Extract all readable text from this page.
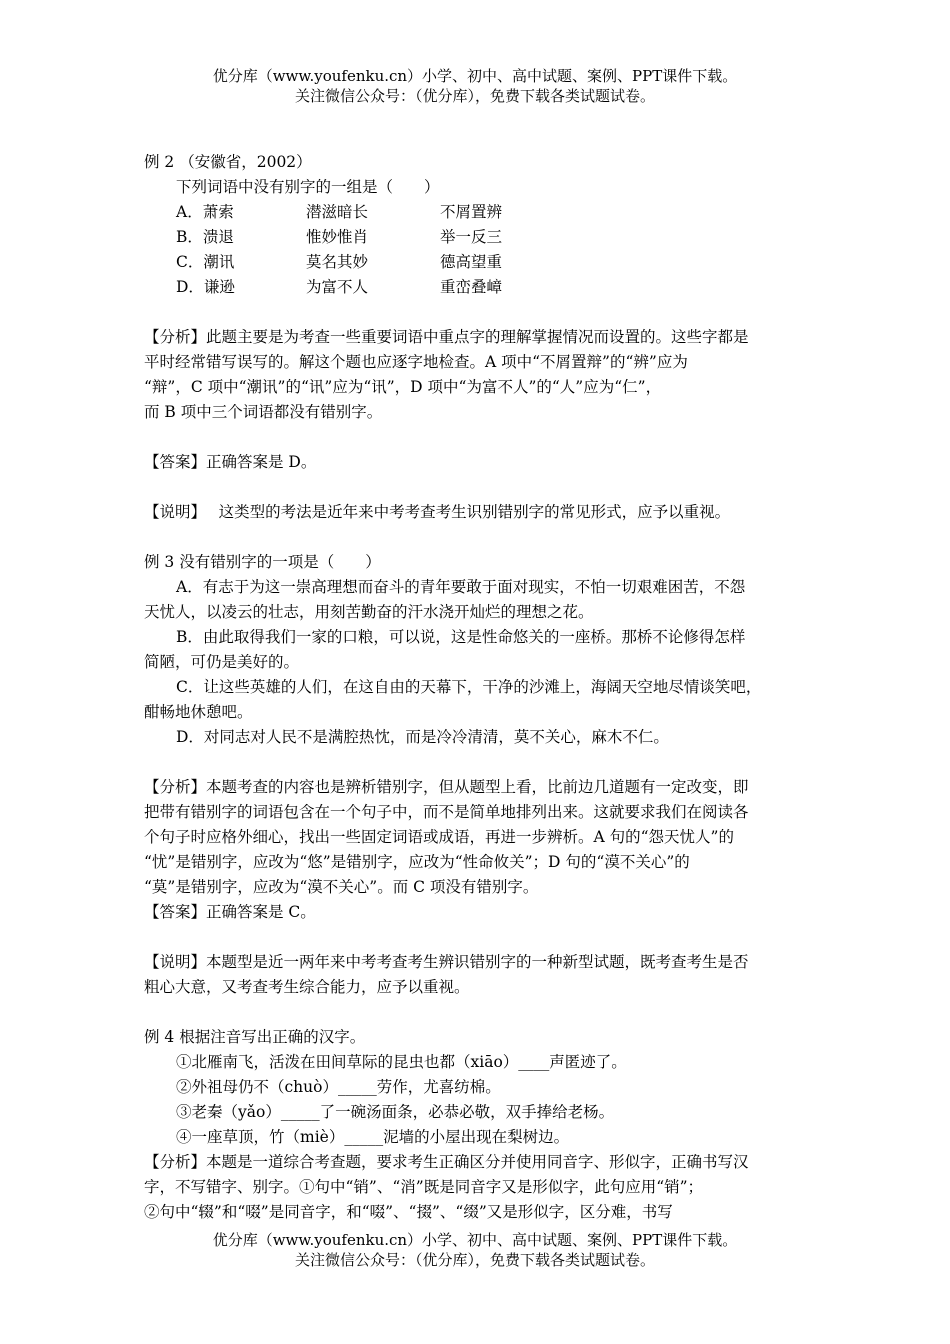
优分库（www.youfenku.cn）小学、初中、高中试题、案例、PPT课件下载。
关注微信公众号：（优分库），免费下载各类试题试卷。
例 2 （安徽省，2002）
下列词语中没有别字的一组是（　　）
A．萧索	潜滋暗长	不屑置辨
B．溃退	惟妙惟肖	举一反三
C．潮讯	莫名其妙	德高望重
D．谦逊	为富不人	重峦叠嶂
【分析】此题主要是为考查一些重要词语中重点字的理解掌握情况而设置的。这些字都是
平时经常错写误写的。解这个题也应逐字地检查。A 项中“不屑置辩”的“辨”应为
“辩”，C 项中“潮讯”的“讯”应为“讯”，D 项中“为富不人”的“人”应为“仁”，
而 B 项中三个词语都没有错别字。
【答案】正确答案是 D。
【说明】　 这类型的考法是近年来中考考查考生识别错别字的常见形式，应予以重视。
例 3 没有错别字的一项是（　　）
A．有志于为这一崇高理想而奋斗的青年要敢于面对现实，不怕一切艰难困苦，不怨
天忧人，以凌云的壮志，用刻苦勤奋的汗水浇开灿烂的理想之花。
B．由此取得我们一家的口粮，可以说，这是性命悠关的一座桥。那桥不论修得怎样
简陋，可仍是美好的。
C．让这些英雄的人们，在这自由的天幕下，干净的沙滩上，海阔天空地尽情谈笑吧，
酣畅地休憩吧。
D．对同志对人民不是满腔热忱，而是冷冷清清，莫不关心，麻木不仁。
【分析】本题考查的内容也是辨析错别字，但从题型上看，比前边几道题有一定改变，即
把带有错别字的词语包含在一个句子中，而不是简单地排列出来。这就要求我们在阅读各
个句子时应格外细心，找出一些固定词语或成语，再进一步辨析。A 句的“怨天忧人”的
“忧”是错别字，应改为“悠”是错别字，应改为“性命攸关”；D 句的“漠不关心”的
“莫”是错别字，应改为“漠不关心”。而 C 项没有错别字。
【答案】正确答案是 C。
【说明】本题型是近一两年来中考考查考生辨识错别字的一种新型试题，既考查考生是否
粗心大意，又考查考生综合能力，应予以重视。
例 4 根据注音写出正确的汉字。
①北雁南飞，活泼在田间草际的昆虫也都（xiāo）____声匿迹了。
②外祖母仍不（chuò）_____劳作，尤喜纺棉。
③老秦（yǎo）_____了一碗汤面条，必恭必敬，双手捧给老杨。
④一座草顶，竹（miè）_____泥墙的小屋出现在梨树边。
【分析】本题是一道综合考查题，要求考生正确区分并使用同音字、形似字，正确书写汉
字，不写错字、别字。①句中“销”、“消”既是同音字又是形似字，此句应用“销”；
②句中“辍”和“啜”是同音字，和“啜”、“掇”、“缀”又是形似字，区分难，书写
优分库（www.youfenku.cn）小学、初中、高中试题、案例、PPT课件下载。
关注微信公众号：（优分库），免费下载各类试题试卷。
